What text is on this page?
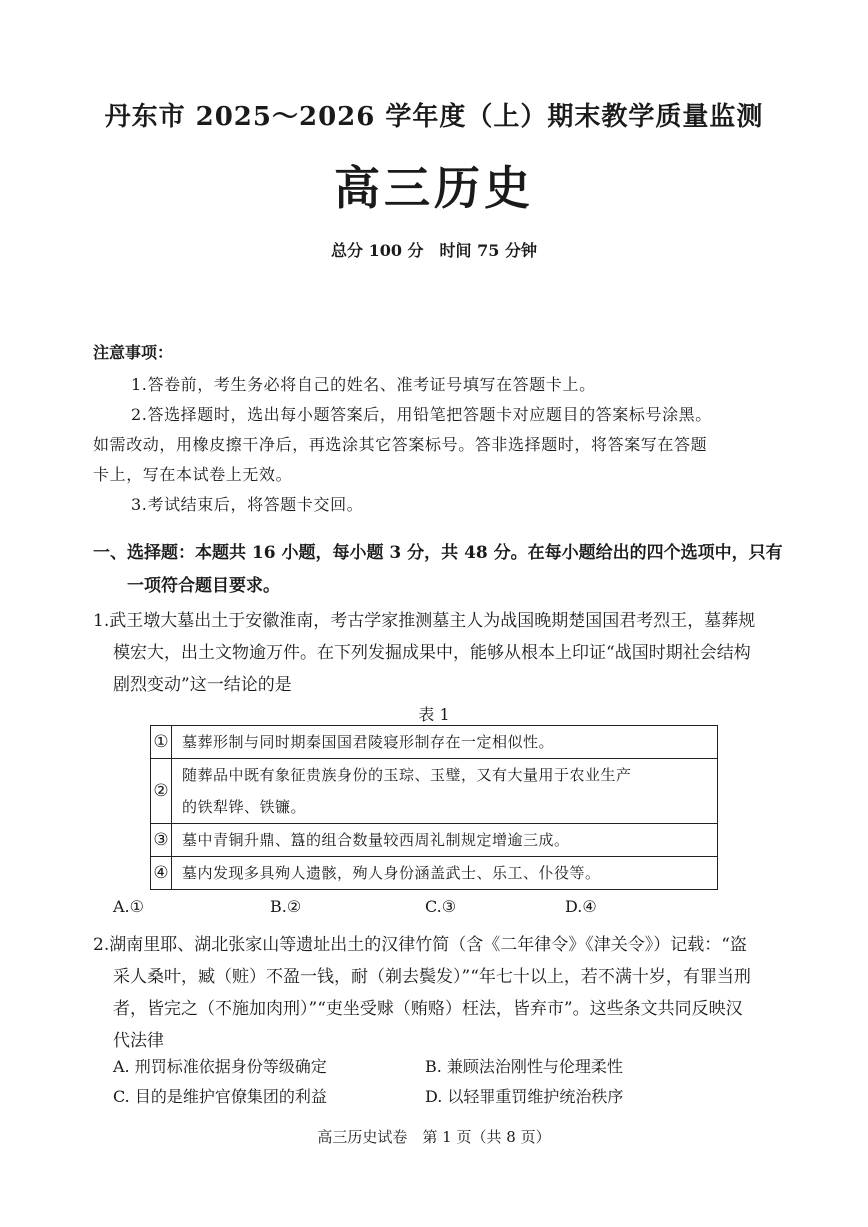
丹东市 2025～2026 学年度（上）期末教学质量监测
高三历史
总分 100 分　时间 75 分钟
注意事项：
1.答卷前，考生务必将自己的姓名、准考证号填写在答题卡上。
2.答选择题时，选出每小题答案后，用铅笔把答题卡对应题目的答案标号涂黑。
如需改动，用橡皮擦干净后，再选涂其它答案标号。答非选择题时，将答案写在答题
卡上，写在本试卷上无效。
3.考试结束后，将答题卡交回。
一、选择题：本题共 16 小题，每小题 3 分，共 48 分。在每小题给出的四个选项中，只有
一项符合题目要求。
1.武王墩大墓出土于安徽淮南，考古学家推测墓主人为战国晚期楚国国君考烈王，墓葬规
模宏大，出土文物逾万件。在下列发掘成果中，能够从根本上印证“战国时期社会结构
剧烈变动”这一结论的是
表 1
①	墓葬形制与同时期秦国国君陵寝形制存在一定相似性。
②	随葬品中既有象征贵族身份的玉琮、玉璧，又有大量用于农业生产
的铁犁铧、铁镰。

③	墓中青铜升鼎、簋的组合数量较西周礼制规定增逾三成。
④	墓内发现多具殉人遗骸，殉人身份涵盖武士、乐工、仆役等。
A.①	B.②	C.③	D.④
2.湖南里耶、湖北张家山等遗址出土的汉律竹简（含《二年律令》《津关令》）记载：“盗
采人桑叶，臧（赃）不盈一钱，耐（剃去鬓发）”“年七十以上，若不满十岁，有罪当刑
者，皆完之（不施加肉刑）”“吏坐受赇（贿赂）枉法，皆弃市”。这些条文共同反映汉
代法律
A. 刑罚标准依据身份等级确定	B. 兼顾法治刚性与伦理柔性
C. 目的是维护官僚集团的利益	D. 以轻罪重罚维护统治秩序
高三历史试卷　第 1 页（共 8 页）
